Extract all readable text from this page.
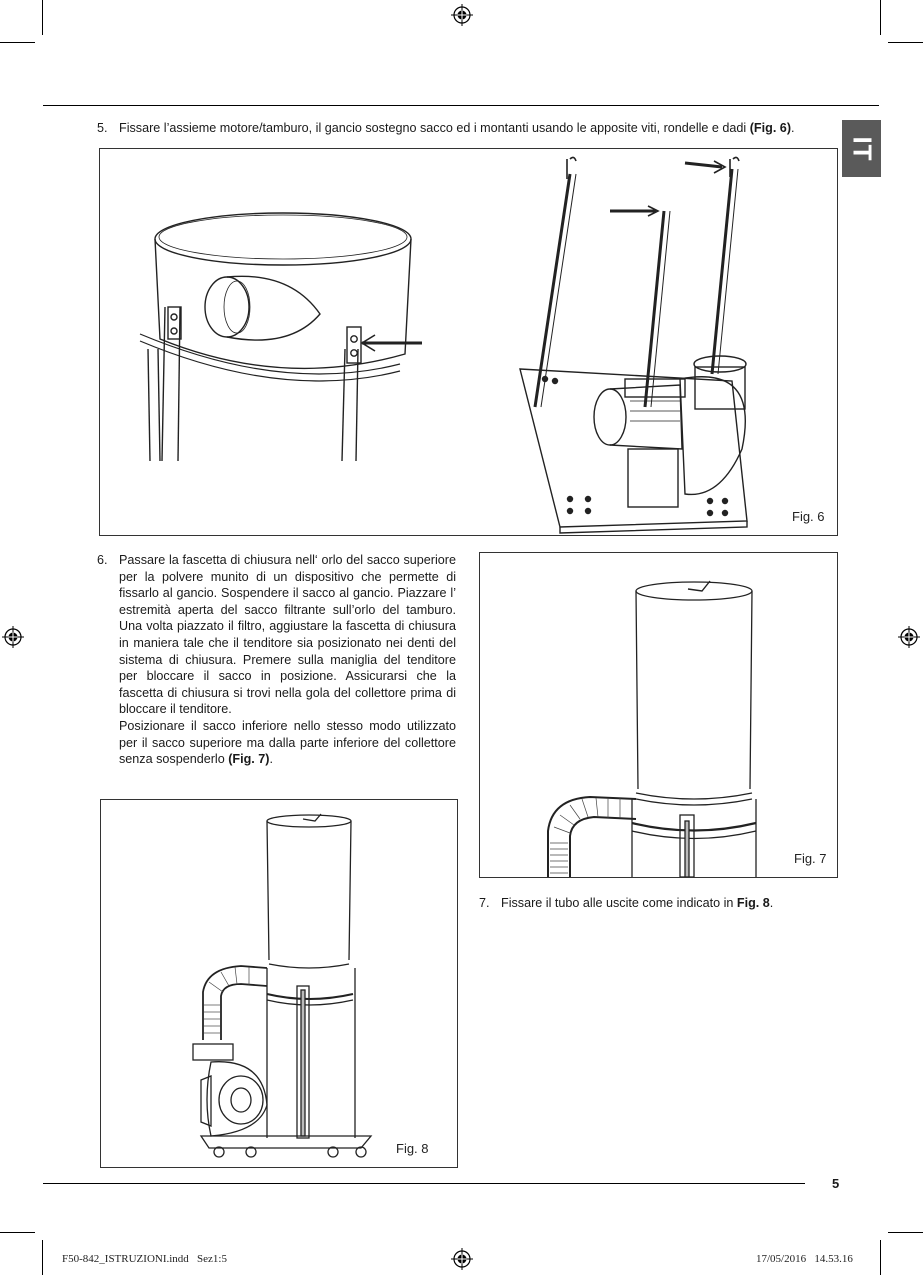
IT
5. Fissare l’assieme motore/tamburo, il gancio sostegno sacco ed i montanti usando le apposite viti, rondelle e dadi (Fig. 6).
Fig. 6
6. Passare la fascetta di chiusura nell‘ orlo del sacco superiore per la polvere munito di un dispositivo che permette di fissarlo al gancio. Sospendere il sacco al gancio. Piazzare l’ estremità aperta del sacco filtrante sull’orlo del tamburo. Una volta piazzato il filtro, aggiustare la fascetta di chiusura in maniera tale che il tenditore sia posizionato nei denti del sistema di chiusura. Premere sulla maniglia del tenditore per bloccare il sacco in posizione. Assicurarsi che la fascetta di chiusura si trovi nella gola del collettore prima di bloccare il tenditore.

Posizionare il sacco inferiore nello stesso modo utilizzato per il sacco superiore ma dalla parte inferiore del collettore senza sospenderlo (Fig. 7).

Fig. 7
7. Fissare il tubo alle uscite come indicato in Fig. 8.
Fig. 8
5
F50-842_ISTRUZIONI.indd   Sez1:5	17/05/2016   14.53.16
